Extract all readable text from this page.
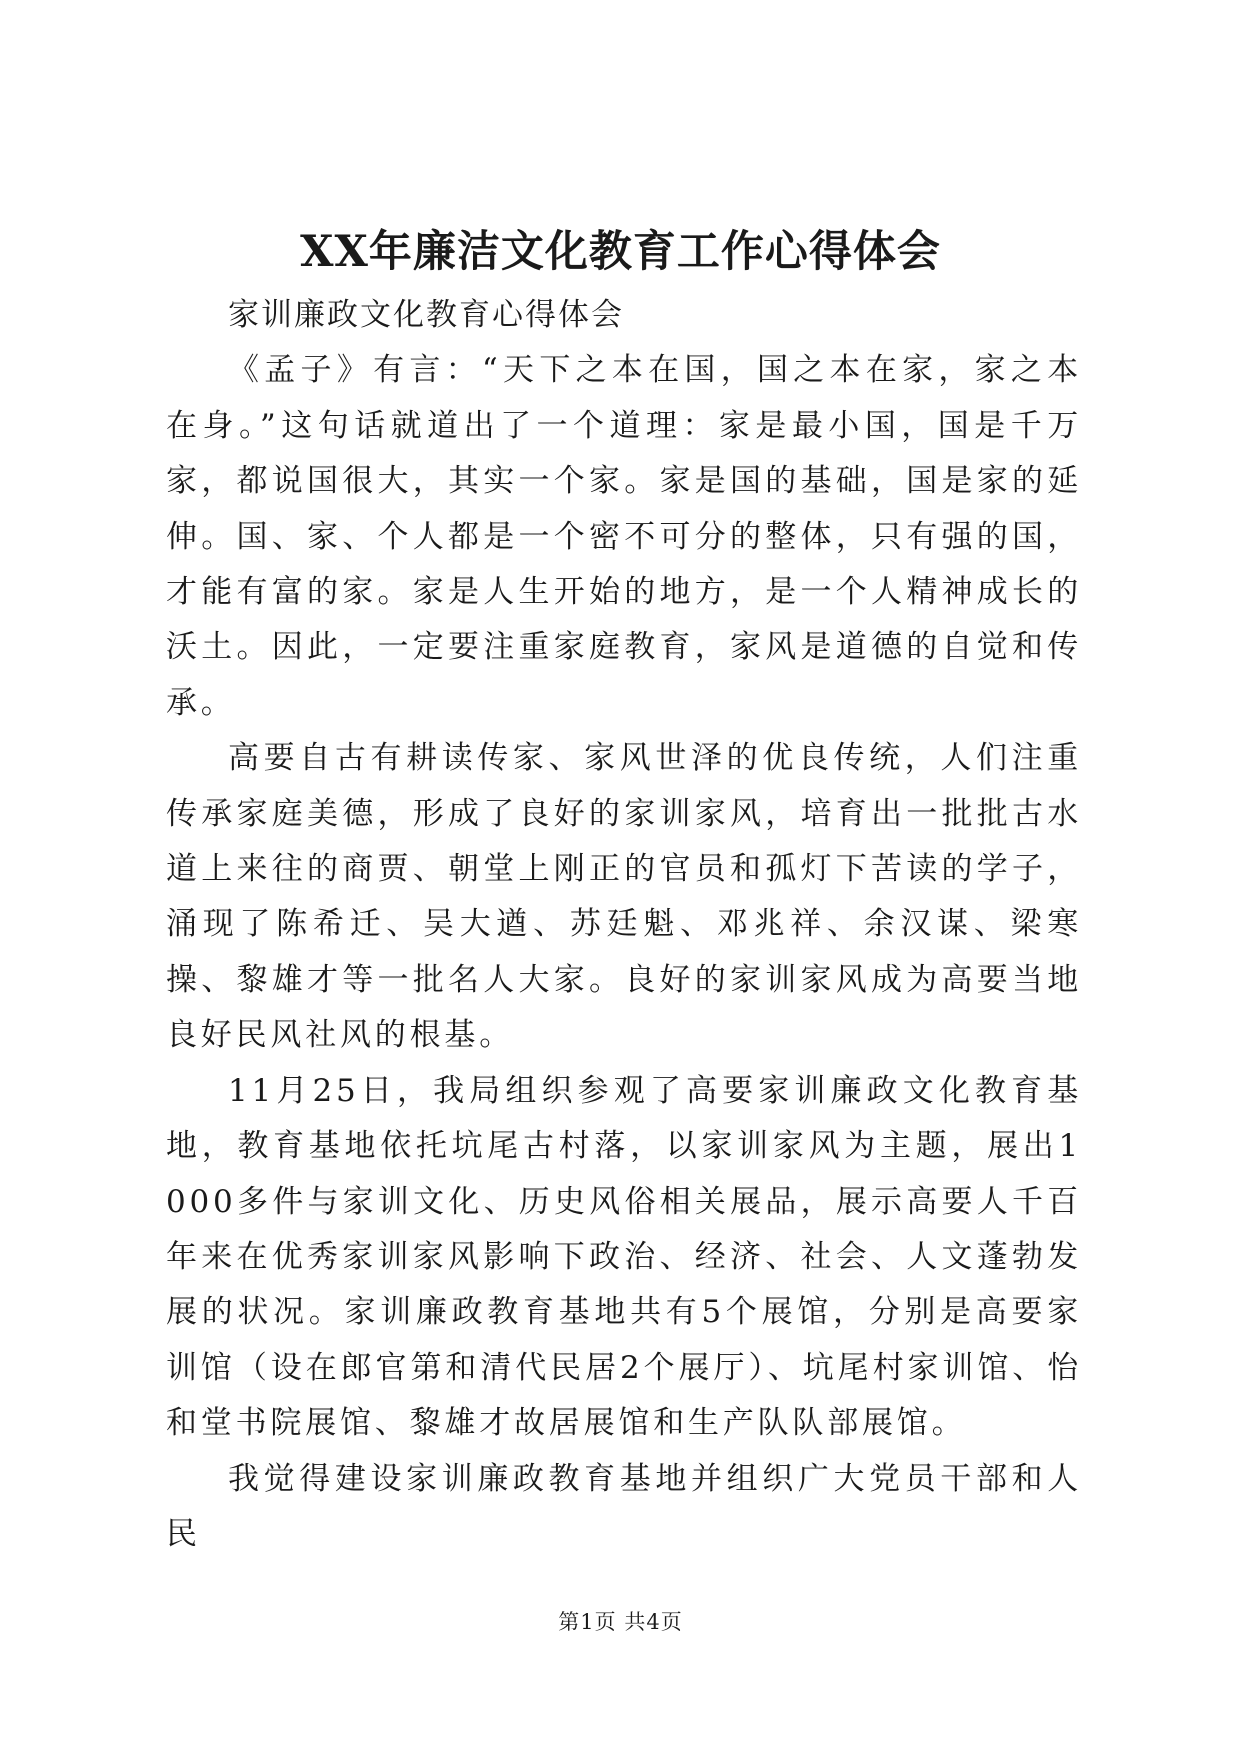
XX年廉洁文化教育工作心得体会

家训廉政文化教育心得体会

《孟子》有言：“天下之本在国，国之本在家，家之本在身。”这句话就道出了一个道理：家是最小国，国是千万家，都说国很大，其实一个家。家是国的基础，国是家的延伸。国、家、个人都是一个密不可分的整体，只有强的国，才能有富的家。家是人生开始的地方，是一个人精神成长的沃土。因此，一定要注重家庭教育，家风是道德的自觉和传承。

高要自古有耕读传家、家风世泽的优良传统，人们注重传承家庭美德，形成了良好的家训家风，培育出一批批古水道上来往的商贾、朝堂上刚正的官员和孤灯下苦读的学子，涌现了陈希迁、吴大遒、苏廷魁、邓兆祥、余汉谋、梁寒操、黎雄才等一批名人大家。良好的家训家风成为高要当地良好民风社风的根基。

11月25日，我局组织参观了高要家训廉政文化教育基地，教育基地依托坑尾古村落，以家训家风为主题，展出1000多件与家训文化、历史风俗相关展品，展示高要人千百年来在优秀家训家风影响下政治、经济、社会、人文蓬勃发展的状况。家训廉政教育基地共有5个展馆，分别是高要家训馆（设在郎官第和清代民居2个展厅）、坑尾村家训馆、怡和堂书院展馆、黎雄才故居展馆和生产队队部展馆。

我觉得建设家训廉政教育基地并组织广大党员干部和人民

第1页 共4页
